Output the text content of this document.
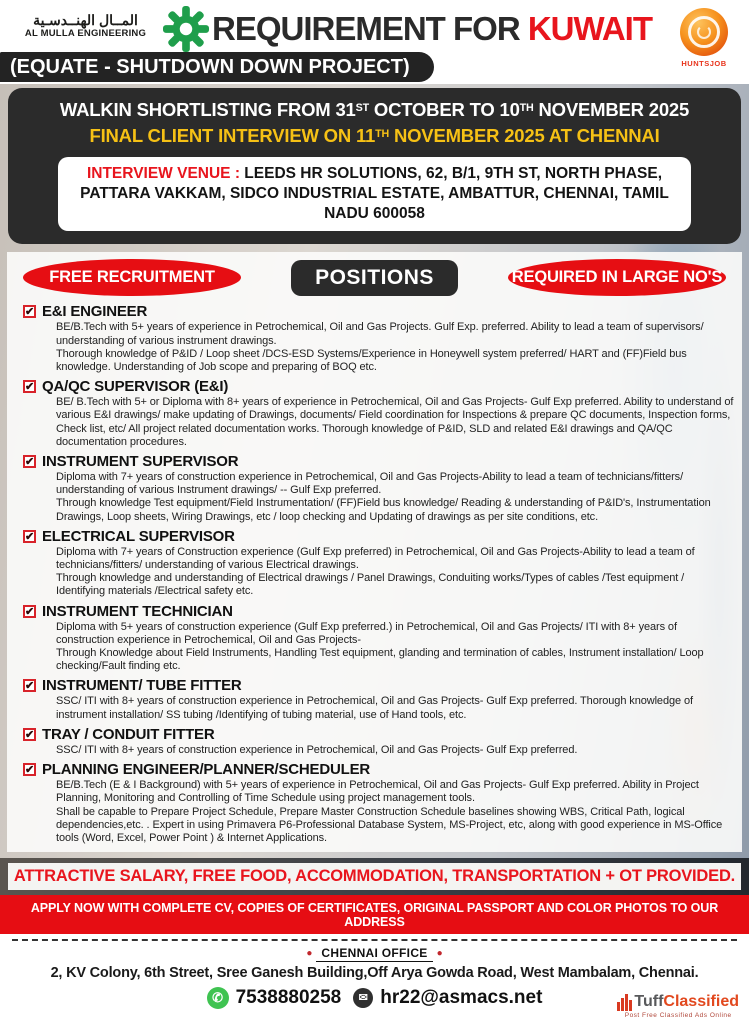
المــال الهنــدسـية
AL MULLA ENGINEERING	REQUIREMENT FOR KUWAIT
HUNTSJOB
(EQUATE - SHUTDOWN DOWN PROJECT)
WALKIN SHORTLISTING FROM 31ST OCTOBER TO 10TH NOVEMBER 2025
FINAL CLIENT INTERVIEW ON 11TH NOVEMBER 2025 AT CHENNAI
INTERVIEW VENUE : LEEDS HR SOLUTIONS, 62, B/1, 9TH ST, NORTH PHASE, PATTARA VAKKAM, SIDCO INDUSTRIAL ESTATE, AMBATTUR, CHENNAI, TAMIL NADU 600058
FREE RECRUITMENT	POSITIONS	REQUIRED IN LARGE NO'S
✔ E&I ENGINEER

BE/B.Tech with 5+ years of experience in Petrochemical, Oil and Gas Projects. Gulf Exp. preferred. Ability to lead a team of supervisors/ understanding of various instrument drawings.

Thorough knowledge of P&ID / Loop sheet /DCS-ESD Systems/Experience in Honeywell system preferred/ HART and (FF)Field bus knowledge. Understanding of Job scope and preparing of BOQ etc.

✔ QA/QC SUPERVISOR (E&I)

BE/ B.Tech with 5+ or Diploma with 8+ years of experience in Petrochemical, Oil and Gas Projects- Gulf Exp preferred. Ability to understand of various E&I drawings/ make updating of Drawings, documents/ Field coordination for Inspections & prepare QC documents, Inspection forms, Check list, etc/ All project related documentation works. Thorough knowledge of P&ID, SLD and related E&I drawings and QA/QC documentation procedures.

✔ INSTRUMENT SUPERVISOR

Diploma with 7+ years of construction experience in Petrochemical, Oil and Gas Projects-Ability to lead a team of technicians/fitters/ understanding of various Instrument drawings/ -- Gulf Exp preferred.

Through knowledge Test equipment/Field Instrumentation/ (FF)Field bus knowledge/ Reading & understanding of P&ID's, Instrumentation Drawings, Loop sheets, Wiring Drawings, etc / loop checking and Updating of drawings as per site conditions, etc.

✔ ELECTRICAL SUPERVISOR

Diploma with 7+ years of Construction experience (Gulf Exp preferred) in Petrochemical, Oil and Gas Projects-Ability to lead a team of technicians/fitters/ understanding of various Electrical drawings.

Through knowledge and understanding of Electrical drawings / Panel Drawings, Conduiting works/Types of cables /Test equipment / Identifying materials /Electrical safety etc.

✔ INSTRUMENT TECHNICIAN

Diploma with 5+ years of construction experience (Gulf Exp preferred.) in Petrochemical, Oil and Gas Projects/ ITI with 8+ years of construction experience in Petrochemical, Oil and Gas Projects-

Through Knowledge about Field Instruments, Handling Test equipment, glanding and termination of cables, Instrument installation/ Loop checking/Fault finding etc.

✔ INSTRUMENT/ TUBE FITTER

SSC/ ITI with 8+ years of construction experience in Petrochemical, Oil and Gas Projects- Gulf Exp preferred. Thorough knowledge of instrument installation/ SS tubing /Identifying of tubing material, use of Hand tools, etc.

✔ TRAY / CONDUIT FITTER

SSC/ ITI with 8+ years of construction experience in Petrochemical, Oil and Gas Projects- Gulf Exp preferred.

✔ PLANNING ENGINEER/PLANNER/SCHEDULER

BE/B.Tech (E & I Background) with 5+ years of experience in Petrochemical, Oil and Gas Projects- Gulf Exp preferred. Ability in Project Planning, Monitoring and Controlling of Time Schedule using project management tools.

Shall be capable to Prepare Project Schedule, Prepare Master Construction Schedule baselines showing WBS, Critical Path, logical dependencies,etc. . Expert in using Primavera P6-Professional Database System, MS-Project, etc, along with good experience in MS-Office tools (Word, Excel, Power Point ) & Internet Applications.

ATTRACTIVE SALARY, FREE FOOD, ACCOMMODATION, TRANSPORTATION + OT PROVIDED.
APPLY NOW WITH COMPLETE CV, COPIES OF CERTIFICATES, ORIGINAL PASSPORT AND COLOR PHOTOS TO OUR ADDRESS
● CHENNAI OFFICE ●
2, KV Colony, 6th Street, Sree Ganesh Building,Off Arya Gowda Road, West Mambalam, Chennai.
✆ 7538880258	✉ hr22@asmacs.net	Tuff Classified
Post Free Classified Ads Online
